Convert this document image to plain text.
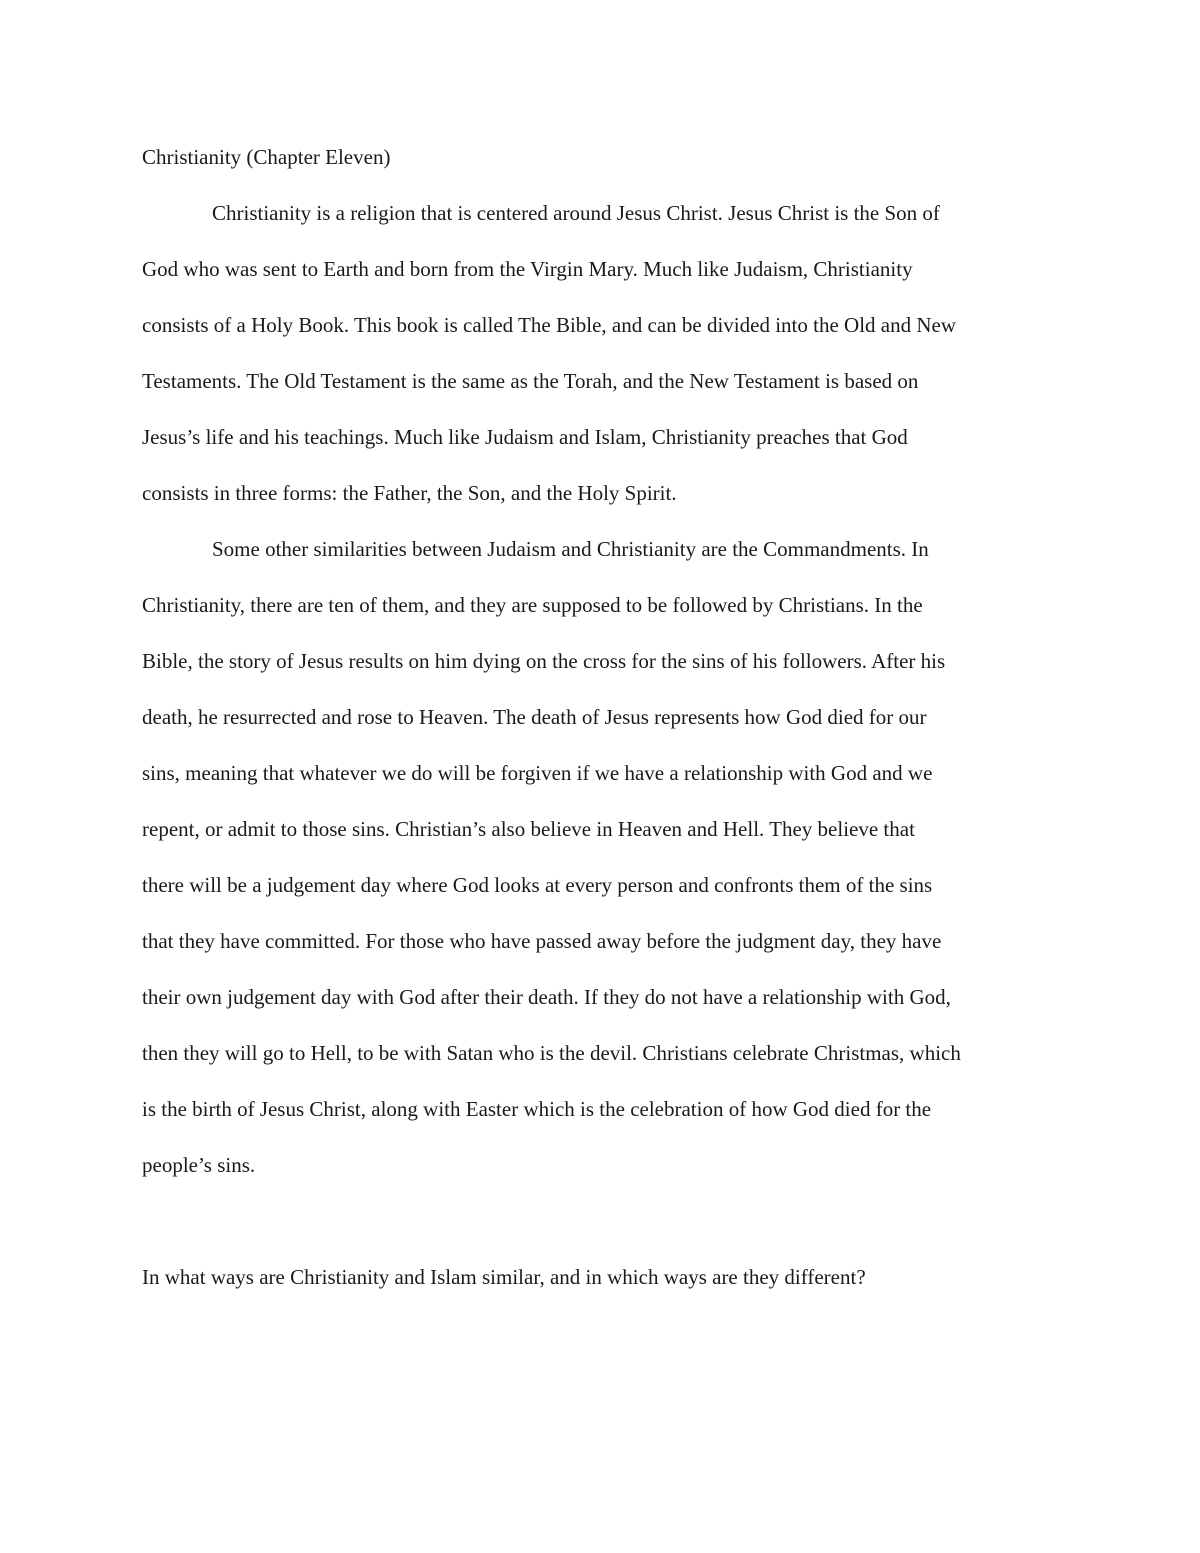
Christianity (Chapter Eleven)
Christianity is a religion that is centered around Jesus Christ. Jesus Christ is the Son of
God who was sent to Earth and born from the Virgin Mary. Much like Judaism, Christianity
consists of a Holy Book. This book is called The Bible, and can be divided into the Old and New
Testaments. The Old Testament is the same as the Torah, and the New Testament is based on
Jesus’s life and his teachings. Much like Judaism and Islam, Christianity preaches that God
consists in three forms: the Father, the Son, and the Holy Spirit.
Some other similarities between Judaism and Christianity are the Commandments. In
Christianity, there are ten of them, and they are supposed to be followed by Christians. In the
Bible, the story of Jesus results on him dying on the cross for the sins of his followers. After his
death, he resurrected and rose to Heaven. The death of Jesus represents how God died for our
sins, meaning that whatever we do will be forgiven if we have a relationship with God and we
repent, or admit to those sins. Christian’s also believe in Heaven and Hell. They believe that
there will be a judgement day where God looks at every person and confronts them of the sins
that they have committed. For those who have passed away before the judgment day, they have
their own judgement day with God after their death. If they do not have a relationship with God,
then they will go to Hell, to be with Satan who is the devil. Christians celebrate Christmas, which
is the birth of Jesus Christ, along with Easter which is the celebration of how God died for the
people’s sins.
In what ways are Christianity and Islam similar, and in which ways are they different?
